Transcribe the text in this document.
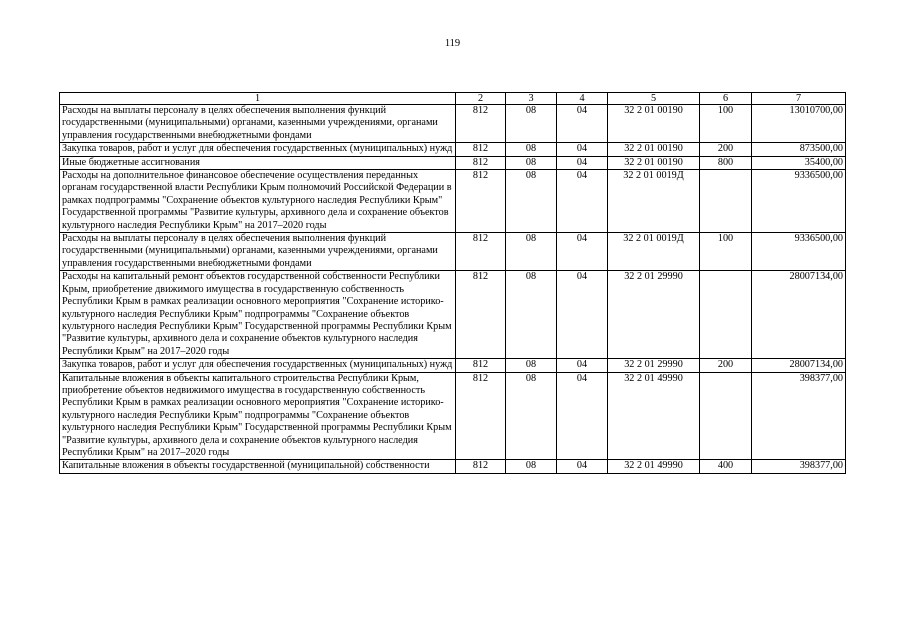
119
1	2	3	4	5	6	7
Расходы на выплаты персоналу в целях обеспечения выполнения функций государственными (муниципальными) органами, казенными учреждениями, органами управления государственными внебюджетными фондами	812	08	04	32 2 01 00190	100	13010700,00
Закупка товаров, работ и услуг для обеспечения государственных (муниципальных) нужд	812	08	04	32 2 01 00190	200	873500,00
Иные бюджетные ассигнования	812	08	04	32 2 01 00190	800	35400,00
Расходы на дополнительное финансовое обеспечение осуществления переданных органам государственной власти Республики Крым полномочий Российской Федерации в рамках подпрограммы "Сохранение объектов культурного наследия Республики Крым" Государственной программы "Развитие культуры, архивного дела и сохранение объектов культурного наследия Республики Крым" на 2017–2020 годы	812	08	04	32 2 01 0019Д		9336500,00
Расходы на выплаты персоналу в целях обеспечения выполнения функций государственными (муниципальными) органами, казенными учреждениями, органами управления государственными внебюджетными фондами	812	08	04	32 2 01 0019Д	100	9336500,00
Расходы на капитальный ремонт объектов государственной собственности Республики Крым, приобретение движимого имущества в государственную собственность Республики Крым в рамках реализации основного мероприятия "Сохранение историко-культурного наследия Республики Крым" подпрограммы "Сохранение объектов культурного наследия Республики Крым" Государственной программы Республики Крым "Развитие культуры, архивного дела и сохранение объектов культурного наследия Республики Крым" на 2017–2020 годы	812	08	04	32 2 01 29990		28007134,00
Закупка товаров, работ и услуг для обеспечения государственных (муниципальных) нужд	812	08	04	32 2 01 29990	200	28007134,00
Капитальные вложения в объекты капитального строительства Республики Крым, приобретение объектов недвижимого имущества в государственную собственность Республики Крым в рамках реализации основного мероприятия "Сохранение историко-культурного наследия Республики Крым" подпрограммы "Сохранение объектов культурного наследия Республики Крым" Государственной программы Республики Крым "Развитие культуры, архивного дела и сохранение объектов культурного наследия Республики Крым" на 2017–2020 годы	812	08	04	32 2 01 49990		398377,00
Капитальные вложения в объекты государственной (муниципальной) собственности	812	08	04	32 2 01 49990	400	398377,00
